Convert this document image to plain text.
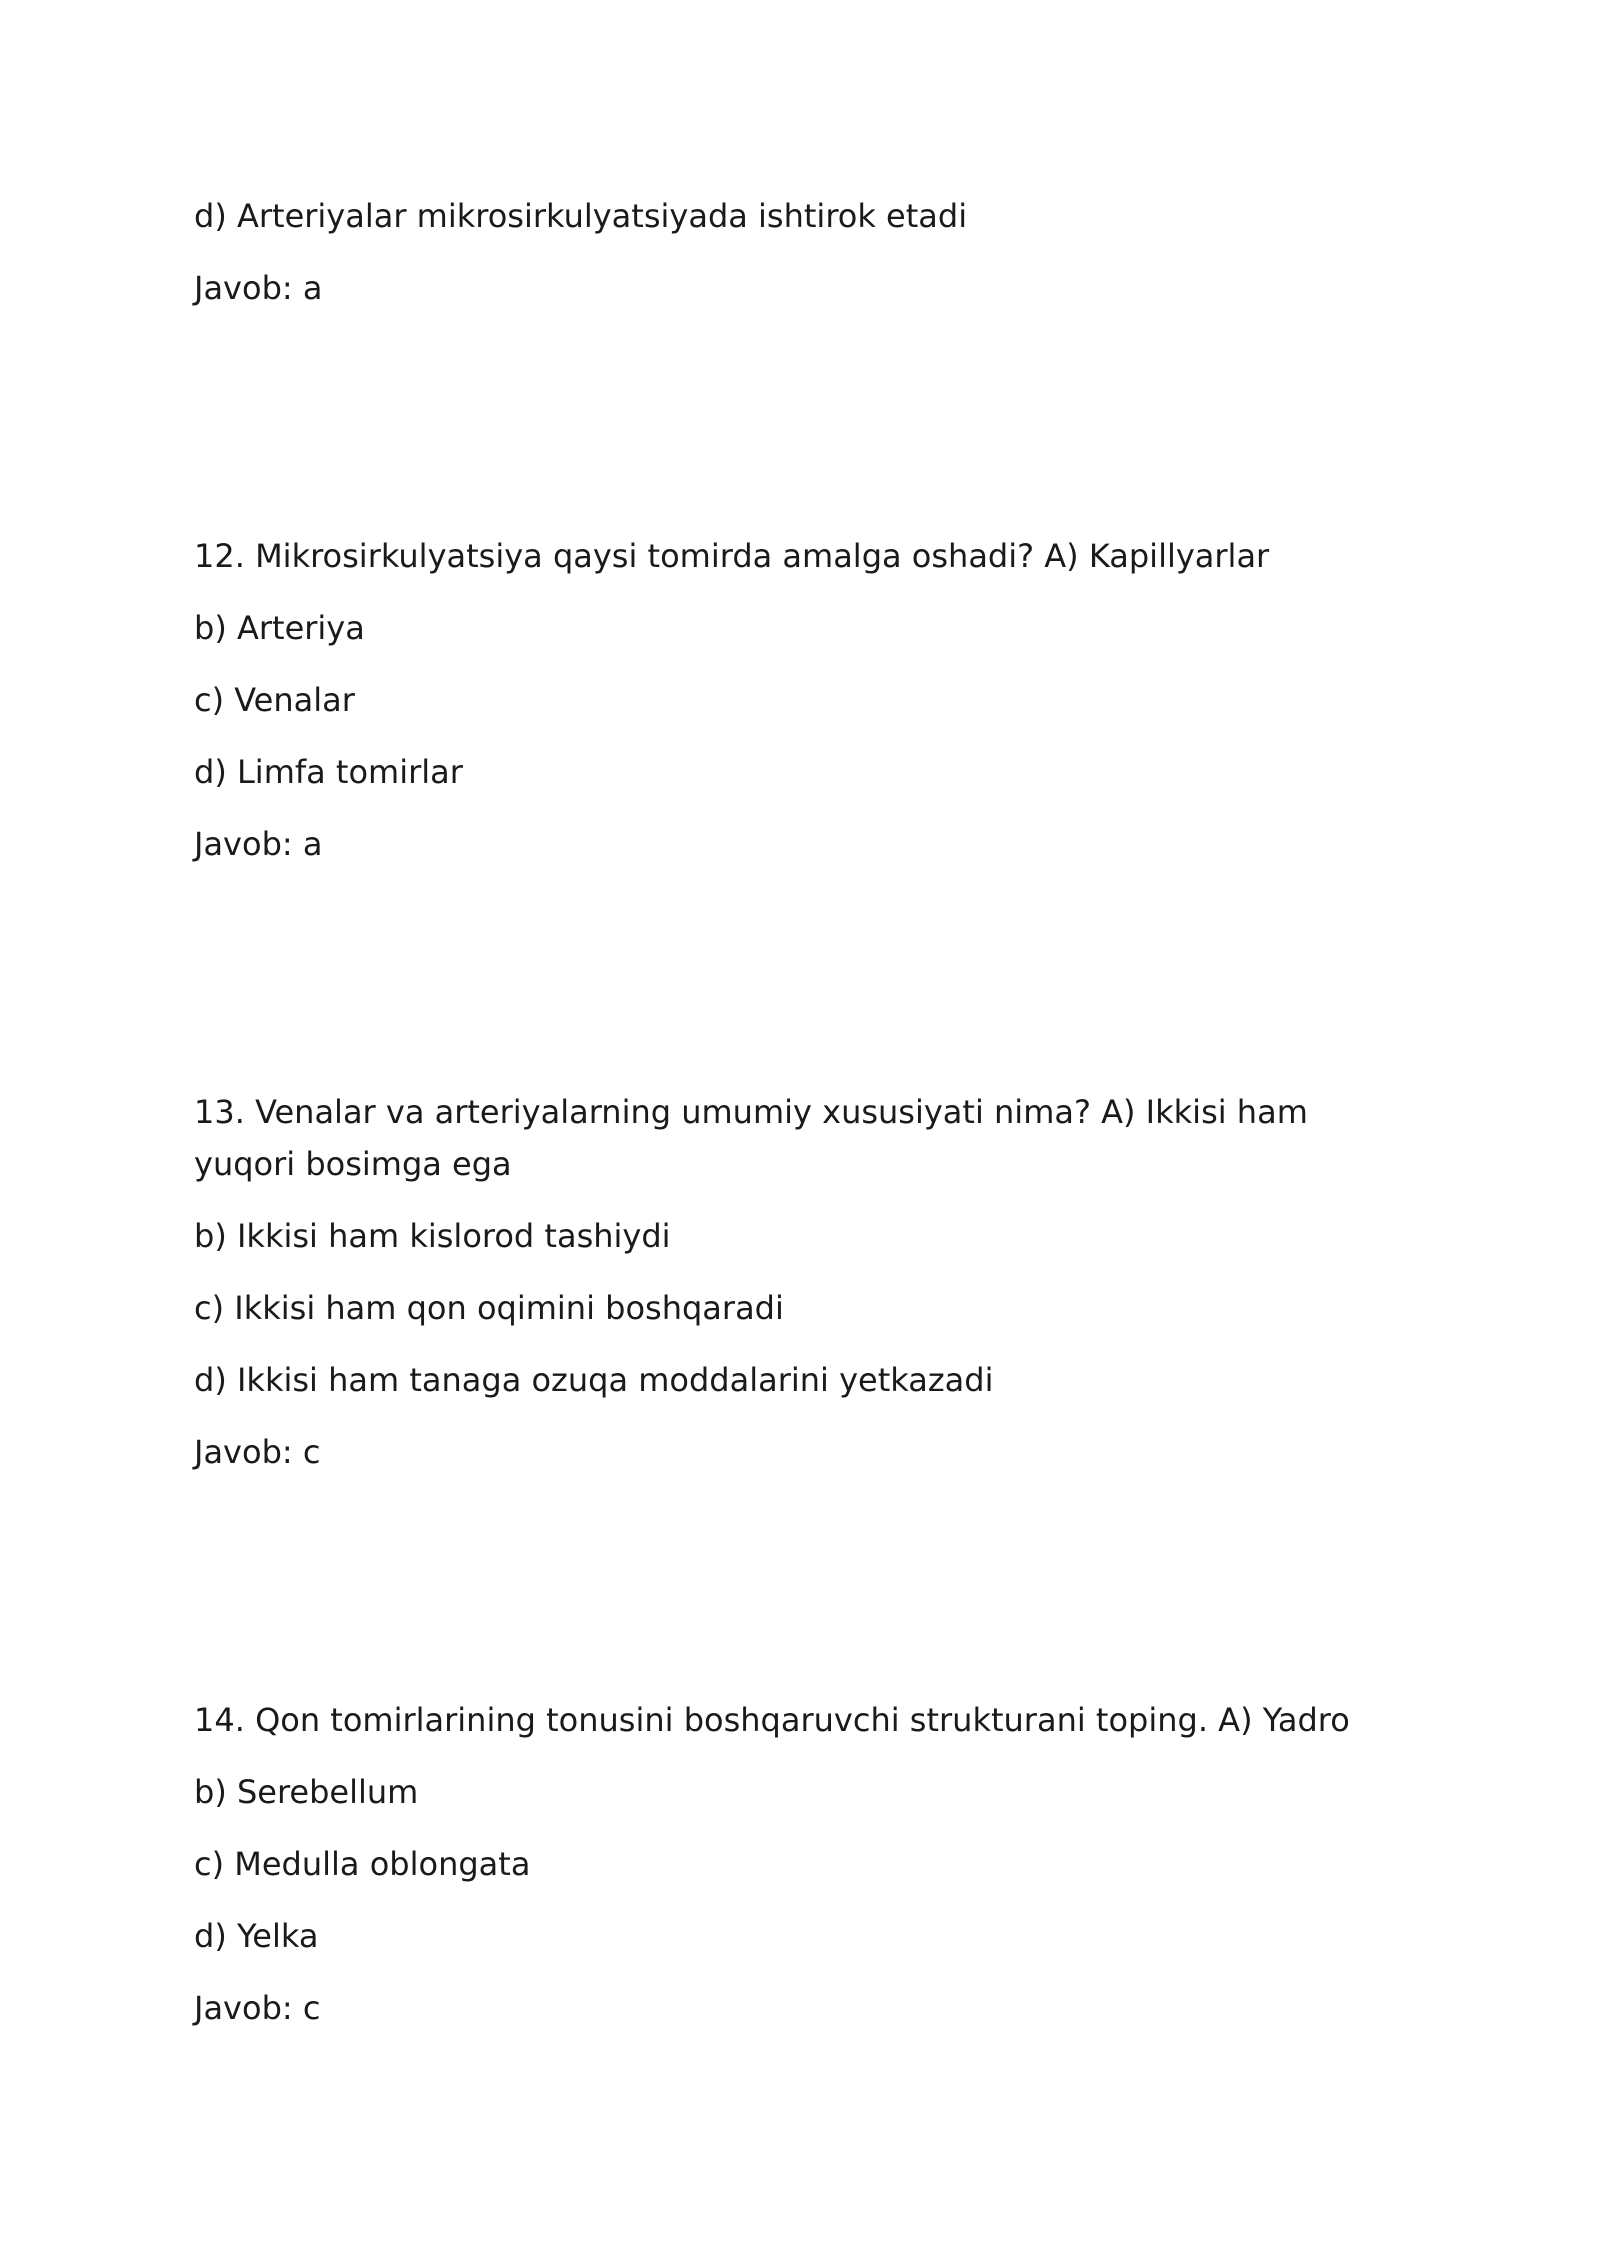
d) Arteriyalar mikrosirkulyatsiyada ishtirok etadi

Javob: a

12. Mikrosirkulyatsiya qaysi tomirda amalga oshadi? A) Kapillyarlar

b) Arteriya

c) Venalar

d) Limfa tomirlar

Javob: a

13. Venalar va arteriyalarning umumiy xususiyati nima? A) Ikkisi ham yuqori bosimga ega

b) Ikkisi ham kislorod tashiydi

c) Ikkisi ham qon oqimini boshqaradi

d) Ikkisi ham tanaga ozuqa moddalarini yetkazadi

Javob: c

14. Qon tomirlarining tonusini boshqaruvchi strukturani toping. A) Yadro

b) Serebellum

c) Medulla oblongata

d) Yelka

Javob: c
